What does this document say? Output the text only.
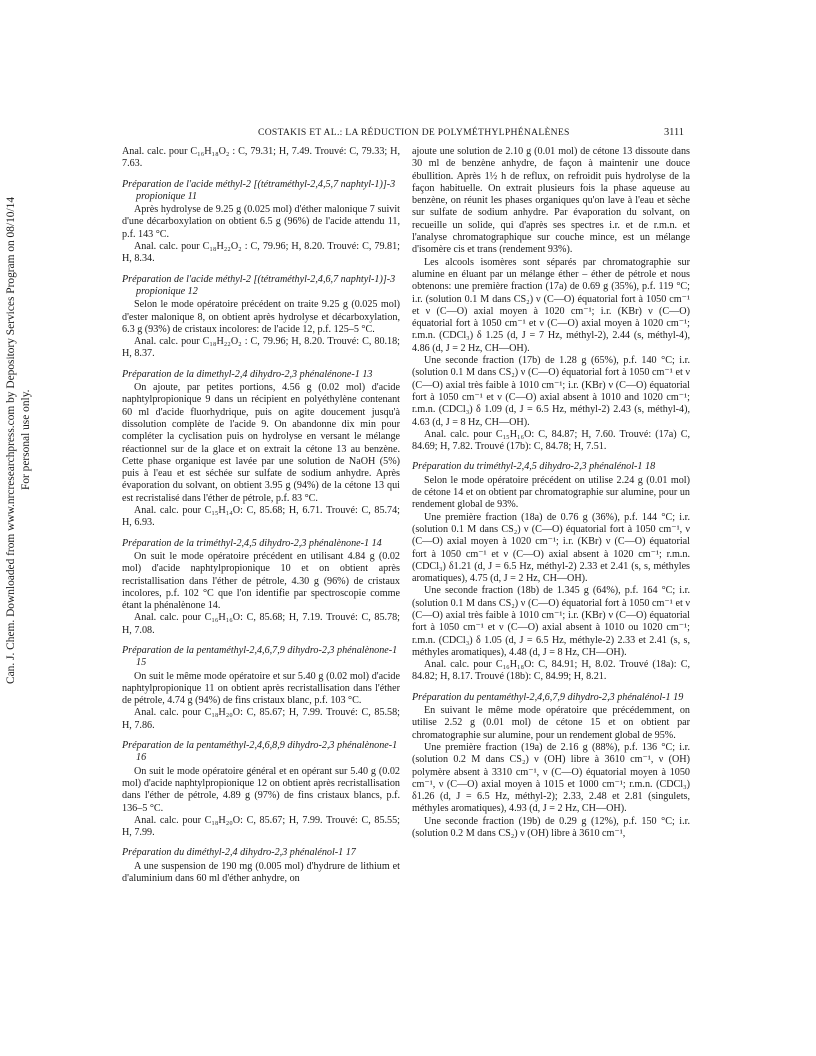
Can. J. Chem. Downloaded from www.nrcresearchpress.com by Depository Services Program on 08/10/14 For personal use only.
COSTAKIS ET AL.: LA RÉDUCTION DE POLYMÉTHYLPHÉNALÈNES	3111
Anal. calc. pour C₁₆H₁₈O₂ : C, 79.31; H, 7.49. Trouvé: C, 79.33; H, 7.63.
Préparation de l'acide méthyl-2 [(tétraméthyl-2,4,5,7 naphtyl-1)]-3 propionique 11
Après hydrolyse de 9.25 g (0.025 mol) d'éther malonique 7 suivit d'une décarboxylation on obtient 6.5 g (96%) de l'acide attendu 11, p.f. 143 °C.
Anal. calc. pour C₁₈H₂₂O₂ : C, 79.96; H, 8.20. Trouvé: C, 79.81; H, 8.34.
Préparation de l'acide méthyl-2 [(tétraméthyl-2,4,6,7 naphtyl-1)]-3 propionique 12
Selon le mode opératoire précédent on traite 9.25 g (0.025 mol) d'ester malonique 8, on obtient après hydrolyse et décarboxylation, 6.3 g (93%) de cristaux incolores: de l'acide 12, p.f. 125–5 °C.
Anal. calc. pour C₁₈H₂₂O₂ : C, 79.96; H, 8.20. Trouvé: C, 80.18; H, 8.37.
Préparation de la dimethyl-2,4 dihydro-2,3 phénalénone-1 13
On ajoute, par petites portions, 4.56 g (0.02 mol) d'acide naphtylpropionique 9 dans un récipient en polyéthylène contenant 60 ml d'acide fluorhydrique, puis on agite doucement jusqu'à dissolution complète de l'acide 9. On abandonne dix min pour compléter la cyclisation puis on hydrolyse en versant le mélange réactionnel sur de la glace et on extrait la cétone 13 au benzène. Cette phase organique est lavée par une solution de NaOH (5%) puis à l'eau et est séchée sur sulfate de sodium anhydre. Après évaporation du solvant, on obtient 3.95 g (94%) de la cétone 13 qui est recristalisé dans l'éther de pétrole, p.f. 83 °C.
Anal. calc. pour C₁₅H₁₄O: C, 85.68; H, 6.71. Trouvé: C, 85.74; H, 6.93.
Préparation de la triméthyl-2,4,5 dihydro-2,3 phénalènone-1 14
On suit le mode opératoire précédent en utilisant 4.84 g (0.02 mol) d'acide naphtylpropionique 10 et on obtient après recristallisation dans l'éther de pétrole, 4.30 g (96%) de cristaux incolores, p.f. 102 °C que l'on identifie par spectroscopie comme étant la phénalènone 14.
Anal. calc. pour C₁₆H₁₆O: C, 85.68; H, 7.19. Trouvé: C, 85.78; H, 7.08.
Préparation de la pentaméthyl-2,4,6,7,9 dihydro-2,3 phénalènone-1 15
On suit le même mode opératoire et sur 5.40 g (0.02 mol) d'acide naphtylpropionique 11 on obtient après recristallisation dans l'éther de pétrole, 4.74 g (94%) de fins cristaux blanc, p.f. 103 °C.
Anal. calc. pour C₁₈H₂₀O: C, 85.67; H, 7.99. Trouvé: C, 85.58; H, 7.86.
Préparation de la pentaméthyl-2,4,6,8,9 dihydro-2,3 phénalènone-1 16
On suit le mode opératoire général et en opérant sur 5.40 g (0.02 mol) d'acide naphtylpropionique 12 on obtient après recristallisation dans l'éther de pétrole, 4.89 g (97%) de fins cristaux blancs, p.f. 136–5 °C.
Anal. calc. pour C₁₈H₂₀O: C, 85.67; H, 7.99. Trouvé: C, 85.55; H, 7.99.
Préparation du diméthyl-2,4 dihydro-2,3 phénalénol-1 17
A une suspension de 190 mg (0.005 mol) d'hydrure de lithium et d'aluminium dans 60 ml d'éther anhydre, on
ajoute une solution de 2.10 g (0.01 mol) de cétone 13 dissoute dans 30 ml de benzène anhydre, de façon à maintenir une douce ébullition. Après 1½ h de reflux, on refroidit puis hydrolyse de la façon habituelle. On extrait plusieurs fois la phase aqueuse au benzène, on réunit les phases organiques qu'on lave à l'eau et sèche sur sulfate de sodium anhydre. Par évaporation du solvant, on recueille un solide, qui d'après ses spectres i.r. et de r.m.n. et l'analyse chromatographique sur couche mince, est un mélange d'isomère cis et trans (rendement 93%).
Les alcools isomères sont séparés par chromatographie sur alumine en éluant par un mélange éther – éther de pétrole et nous obtenons: une première fraction (17a) de 0.69 g (35%), p.f. 119 °C; i.r. (solution 0.1 M dans CS₂) ν (C—O) équatorial fort à 1050 cm⁻¹ et ν (C—O) axial moyen à 1020 cm⁻¹; i.r. (KBr) ν (C—O) équatorial fort à 1050 cm⁻¹ et ν (C—O) axial moyen à 1020 cm⁻¹; r.m.n. (CDCl₃) δ 1.25 (d, J = 7 Hz, méthyl-2), 2.44 (s, méthyl-4), 4.86 (d, J = 2 Hz, CH—OH).
Une seconde fraction (17b) de 1.28 g (65%), p.f. 140 °C; i.r. (solution 0.1 M dans CS₂) ν (C—O) équatorial fort à 1050 cm⁻¹ et ν (C—O) axial très faible à 1010 cm⁻¹; i.r. (KBr) ν (C—O) équatorial fort à 1050 cm⁻¹ et ν (C—O) axial absent à 1010 and 1020 cm⁻¹; r.m.n. (CDCl₃) δ 1.09 (d, J = 6.5 Hz, méthyl-2) 2.43 (s, méthyl-4), 4.63 (d, J = 8 Hz, CH—OH).
Anal. calc. pour C₁₅H₁₆O: C, 84.87; H, 7.60. Trouvé: (17a) C, 84.69; H, 7.82. Trouvé (17b): C, 84.78; H, 7.51.
Préparation du triméthyl-2,4,5 dihydro-2,3 phénalénol-1 18
Selon le mode opératoire précédent on utilise 2.24 g (0.01 mol) de cétone 14 et on obtient par chromatographie sur alumine, pour un rendement global de 93%.
Une première fraction (18a) de 0.76 g (36%), p.f. 144 °C; i.r. (solution 0.1 M dans CS₂) ν (C—O) équatorial fort à 1050 cm⁻¹, ν (C—O) axial moyen à 1020 cm⁻¹; i.r. (KBr) ν (C—O) équatorial fort à 1050 cm⁻¹ et ν (C—O) axial absent à 1020 cm⁻¹; r.m.n. (CDCl₃) δ1.21 (d, J = 6.5 Hz, méthyl-2) 2.33 et 2.41 (s, s, méthyles aromatiques), 4.75 (d, J = 2 Hz, CH—OH).
Une seconde fraction (18b) de 1.345 g (64%), p.f. 164 °C; i.r. (solution 0.1 M dans CS₂) ν (C—O) équatorial fort à 1050 cm⁻¹ et ν (C—O) axial très faible à 1010 cm⁻¹; i.r. (KBr) ν (C—O) équatorial fort à 1050 cm⁻¹ et ν (C—O) axial absent à 1010 ou 1020 cm⁻¹; r.m.n. (CDCl₃) δ 1.05 (d, J = 6.5 Hz, méthyle-2) 2.33 et 2.41 (s, s, méthyles aromatiques), 4.48 (d, J = 8 Hz, CH—OH).
Anal. calc. pour C₁₆H₁₈O: C, 84.91; H, 8.02. Trouvé (18a): C, 84.82; H, 8.17. Trouvé (18b): C, 84.99; H, 8.21.
Préparation du pentaméthyl-2,4,6,7,9 dihydro-2,3 phénalénol-1 19
En suivant le même mode opératoire que précédemment, on utilise 2.52 g (0.01 mol) de cétone 15 et on obtient par chromatographie sur alumine, pour un rendement global de 95%.
Une première fraction (19a) de 2.16 g (88%), p.f. 136 °C; i.r. (solution 0.2 M dans CS₂) ν (OH) libre à 3610 cm⁻¹, ν (OH) polymère absent à 3310 cm⁻¹, ν (C—O) équatorial moyen à 1050 cm⁻¹, ν (C—O) axial moyen à 1015 et 1000 cm⁻¹; r.m.n. (CDCl₃) δ1.26 (d, J = 6.5 Hz, méthyl-2); 2.33, 2.48 et 2.81 (singulets, méthyles aromatiques), 4.93 (d, J = 2 Hz, CH—OH).
Une seconde fraction (19b) de 0.29 g (12%), p.f. 150 °C; i.r. (solution 0.2 M dans CS₂) ν (OH) libre à 3610 cm⁻¹,
